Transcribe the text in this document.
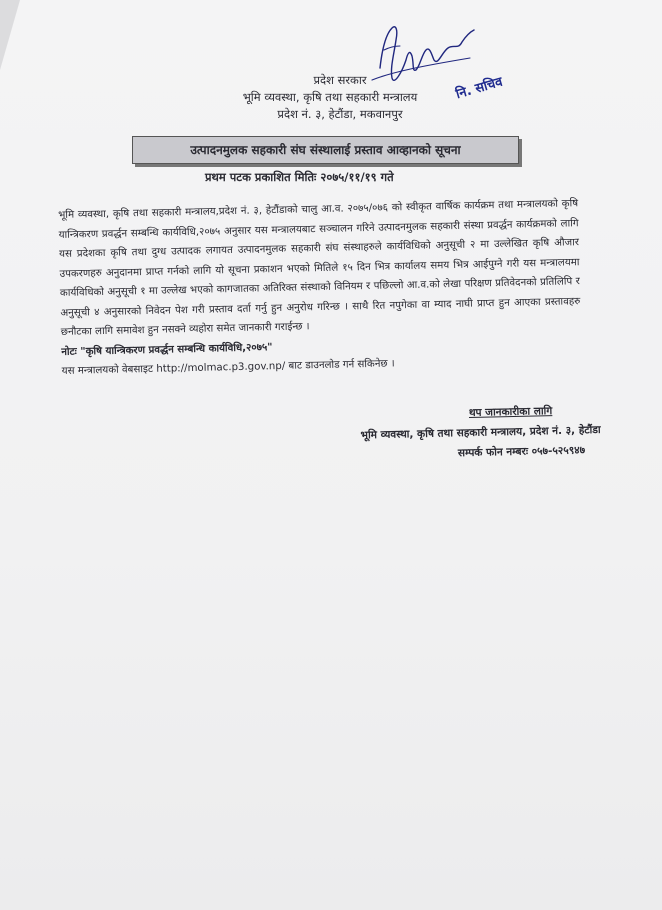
नि. सचिव
प्रदेश सरकार
भूमि व्यवस्था, कृषि तथा सहकारी मन्त्रालय
प्रदेश नं. ३, हेटौंडा, मकवानपुर
उत्पादनमुलक सहकारी संघ संस्थालाई प्रस्ताव आव्हानको सूचना
प्रथम पटक प्रकाशित मितिः २०७५/११/१९ गते
भूमि व्यवस्था, कृषि तथा सहकारी मन्त्रालय,प्रदेश नं. ३, हेटौंडाको चालु आ.व. २०७५/०७६ को स्वीकृत वार्षिक कार्यक्रम तथा मन्त्रालयको कृषि यान्त्रिकरण प्रवर्द्धन सम्बन्धि कार्यविधि,२०७५ अनुसार यस मन्त्रालयबाट सञ्चालन गरिने उत्पादनमुलक सहकारी संस्था प्रवर्द्धन कार्यक्रमको लागि यस प्रदेशका कृषि तथा दुग्ध उत्पादक लगायत उत्पादनमुलक सहकारी संघ संस्थाहरुले कार्यविधिको अनुसूची २ मा उल्लेखित कृषि औजार उपकरणहरु अनुदानमा प्राप्त गर्नको लागि यो सूचना प्रकाशन भएको मितिले १५ दिन भित्र कार्यालय समय भित्र आईपुग्ने गरी यस मन्त्रालयमा कार्यविधिको अनुसूची १ मा उल्लेख भएको कागजातका अतिरिक्त संस्थाको विनियम र पछिल्लो आ.व.को लेखा परिक्षण प्रतिवेदनको प्रतिलिपि र अनुसूची ४ अनुसारको निवेदन पेश गरी प्रस्ताव दर्ता गर्नु हुन अनुरोध गरिन्छ । साथै रित नपुगेका वा म्याद नाघी प्राप्त हुन आएका प्रस्तावहरु छनौटका लागि समावेश हुन नसक्ने व्यहोरा समेत जानकारी गराईन्छ ।
नोटः "कृषि यान्त्रिकरण प्रवर्द्धन सम्बन्धि कार्यविधि,२०७५"
यस मन्त्रालयको वेबसाइट http://molmac.p3.gov.np/ बाट डाउनलोड गर्न सकिनेछ ।
थप जानकारीका लागि
भूमि व्यवस्था, कृषि तथा सहकारी मन्त्रालय, प्रदेश नं. ३, हेटौंडा
सम्पर्क फोन नम्बरः ०५७-५२५९४७
